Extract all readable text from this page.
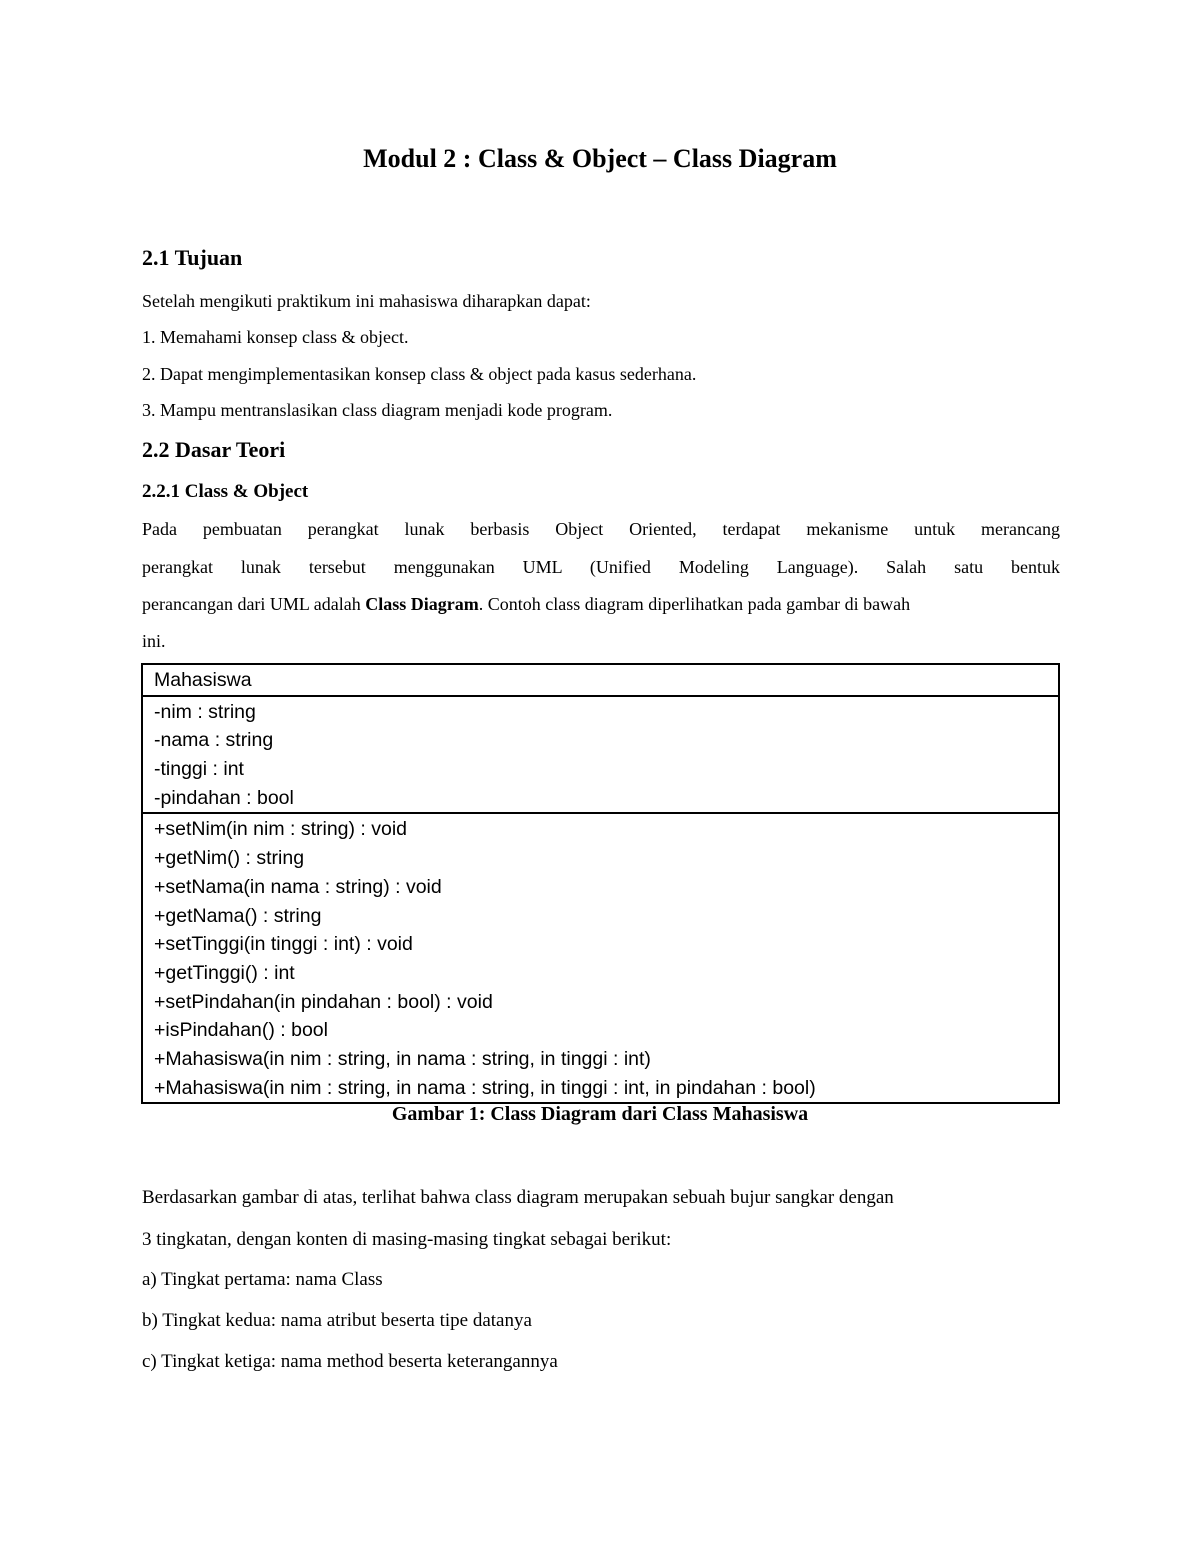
Modul 2 : Class & Object – Class Diagram
2.1 Tujuan
Setelah mengikuti praktikum ini mahasiswa diharapkan dapat:
1. Memahami konsep class & object.
2. Dapat mengimplementasikan konsep class & object pada kasus sederhana.
3. Mampu mentranslasikan class diagram menjadi kode program.
2.2 Dasar Teori
2.2.1 Class & Object
Pada pembuatan perangkat lunak berbasis Object Oriented, terdapat mekanisme untuk merancang
perangkat lunak tersebut menggunakan UML (Unified Modeling Language). Salah satu bentuk
perancangan dari UML adalah Class Diagram. Contoh class diagram diperlihatkan pada gambar di bawah
ini.
Mahasiswa
-nim : string
-nama : string
-tinggi : int
-pindahan : bool
+setNim(in nim : string) : void
+getNim() : string
+setNama(in nama : string) : void
+getNama() : string
+setTinggi(in tinggi : int) : void
+getTinggi() : int
+setPindahan(in pindahan : bool) : void
+isPindahan() : bool
+Mahasiswa(in nim : string, in nama : string, in tinggi : int)
+Mahasiswa(in nim : string, in nama : string, in tinggi : int, in pindahan : bool)
Gambar 1: Class Diagram dari Class Mahasiswa
Berdasarkan gambar di atas, terlihat bahwa class diagram merupakan sebuah bujur sangkar dengan
3 tingkatan, dengan konten di masing-masing tingkat sebagai berikut:
a) Tingkat pertama: nama Class
b) Tingkat kedua: nama atribut beserta tipe datanya
c) Tingkat ketiga: nama method beserta keterangannya
